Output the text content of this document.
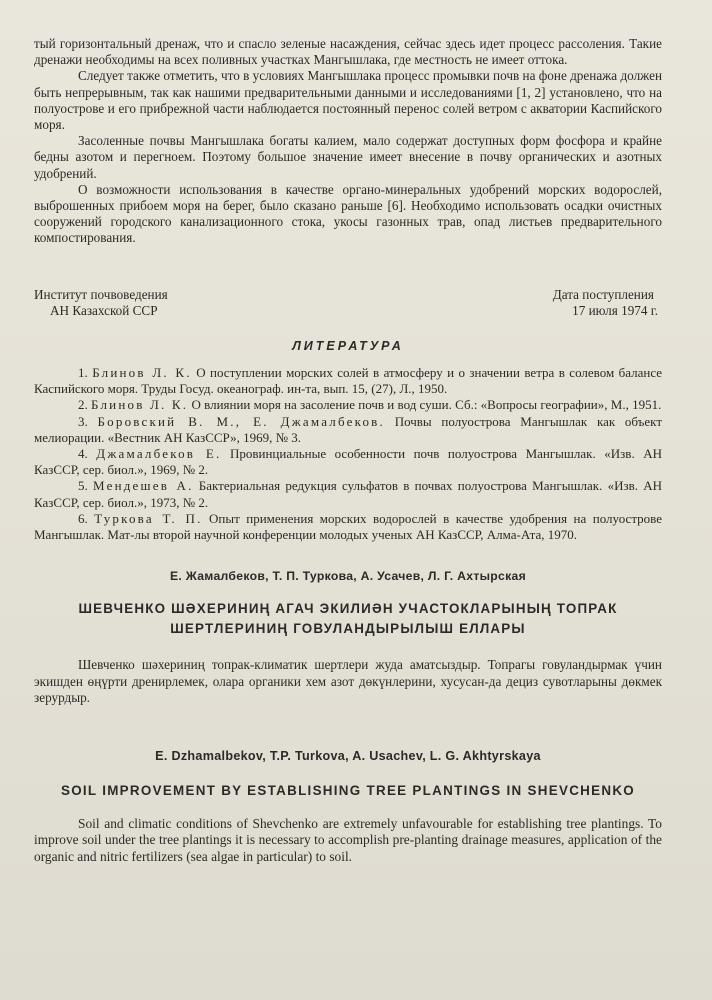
тый горизонтальный дренаж, что и спасло зеленые насаждения, сейчас здесь идет процесс рассоления. Такие дренажи необходимы на всех поливных участках Мангышлака, где местность не имеет оттока.

Следует также отметить, что в условиях Мангышлака процесс промывки почв на фоне дренажа должен быть непрерывным, так как нашими предварительными данными и исследованиями [1, 2] установлено, что на полуострове и его прибрежной части наблюдается постоянный перенос солей ветром с акватории Каспийского моря.

Засоленные почвы Мангышлака богаты калием, мало содержат доступных форм фосфора и крайне бедны азотом и перегноем. Поэтому большое значение имеет внесение в почву органических и азотных удобрений.

О возможности использования в качестве органо-минеральных удобрений морских водорослей, выброшенных прибоем моря на берег, было сказано раньше [6]. Необходимо использовать осадки очистных сооружений городского канализационного стока, укосы газонных трав, опад листьев предварительного компостирования.

Институт почвоведения
АН Казахской ССР
Дата поступления
17 июля 1974 г.
ЛИТЕРАТУРА

1. Блинов Л. К. О поступлении морских солей в атмосферу и о значении ветра в солевом балансе Каспийского моря. Труды Госуд. океанограф. ин-та, вып. 15, (27), Л., 1950.

2. Блинов Л. К. О влиянии моря на засоление почв и вод суши. Сб.: «Вопросы географии», М., 1951.

3. Боровский В. М., Е. Джамалбеков. Почвы полуострова Мангышлак как объект мелиорации. «Вестник АН КазССР», 1969, № 3.

4. Джамалбеков Е. Провинциальные особенности почв полуострова Мангышлак. «Изв. АН КазССР, сер. биол.», 1969, № 2.

5. Мендешев А. Бактериальная редукция сульфатов в почвах полуострова Мангышлак. «Изв. АН КазССР, сер. биол.», 1973, № 2.

6. Туркова Т. П. Опыт применения морских водорослей в качестве удобрения на полуострове Мангышлак. Мат-лы второй научной конференции молодых ученых АН КазССР, Алма-Ата, 1970.

Е. Жамалбеков, Т. П. Туркова, А. Усачев, Л. Г. Ахтырская
ШЕВЧЕНКО ШӘХЕРИНИҢ АГАЧ ЭКИЛИӘН УЧАСТОКЛАРЫНЫҢ ТОПРАК
ШЕРТЛЕРИНИҢ ГОВУЛАНДЫРЫЛЫШ ЕЛЛАРЫ

Шевченко шәхериниң топрак-климатик шертлери жуда аматсыздыр. Топрагы говуландырмак үчин экишден өңүрти дренирлемек, олара органики хем азот дөкүнлерини, хусусан-да дециз сувотларыны дөкмек зерурдыр.

E. Dzhamalbekov, T.P. Turkova, A. Usachev, L. G. Akhtyrskaya
SOIL IMPROVEMENT BY ESTABLISHING TREE PLANTINGS IN SHEVCHENKO

Soil and climatic conditions of Shevchenko are extremely unfavourable for establishing tree plantings. To improve soil under the tree plantings it is necessary to accomplish pre-planting drainage measures, application of the organic and nitric fertilizers (sea algae in particular) to soil.
